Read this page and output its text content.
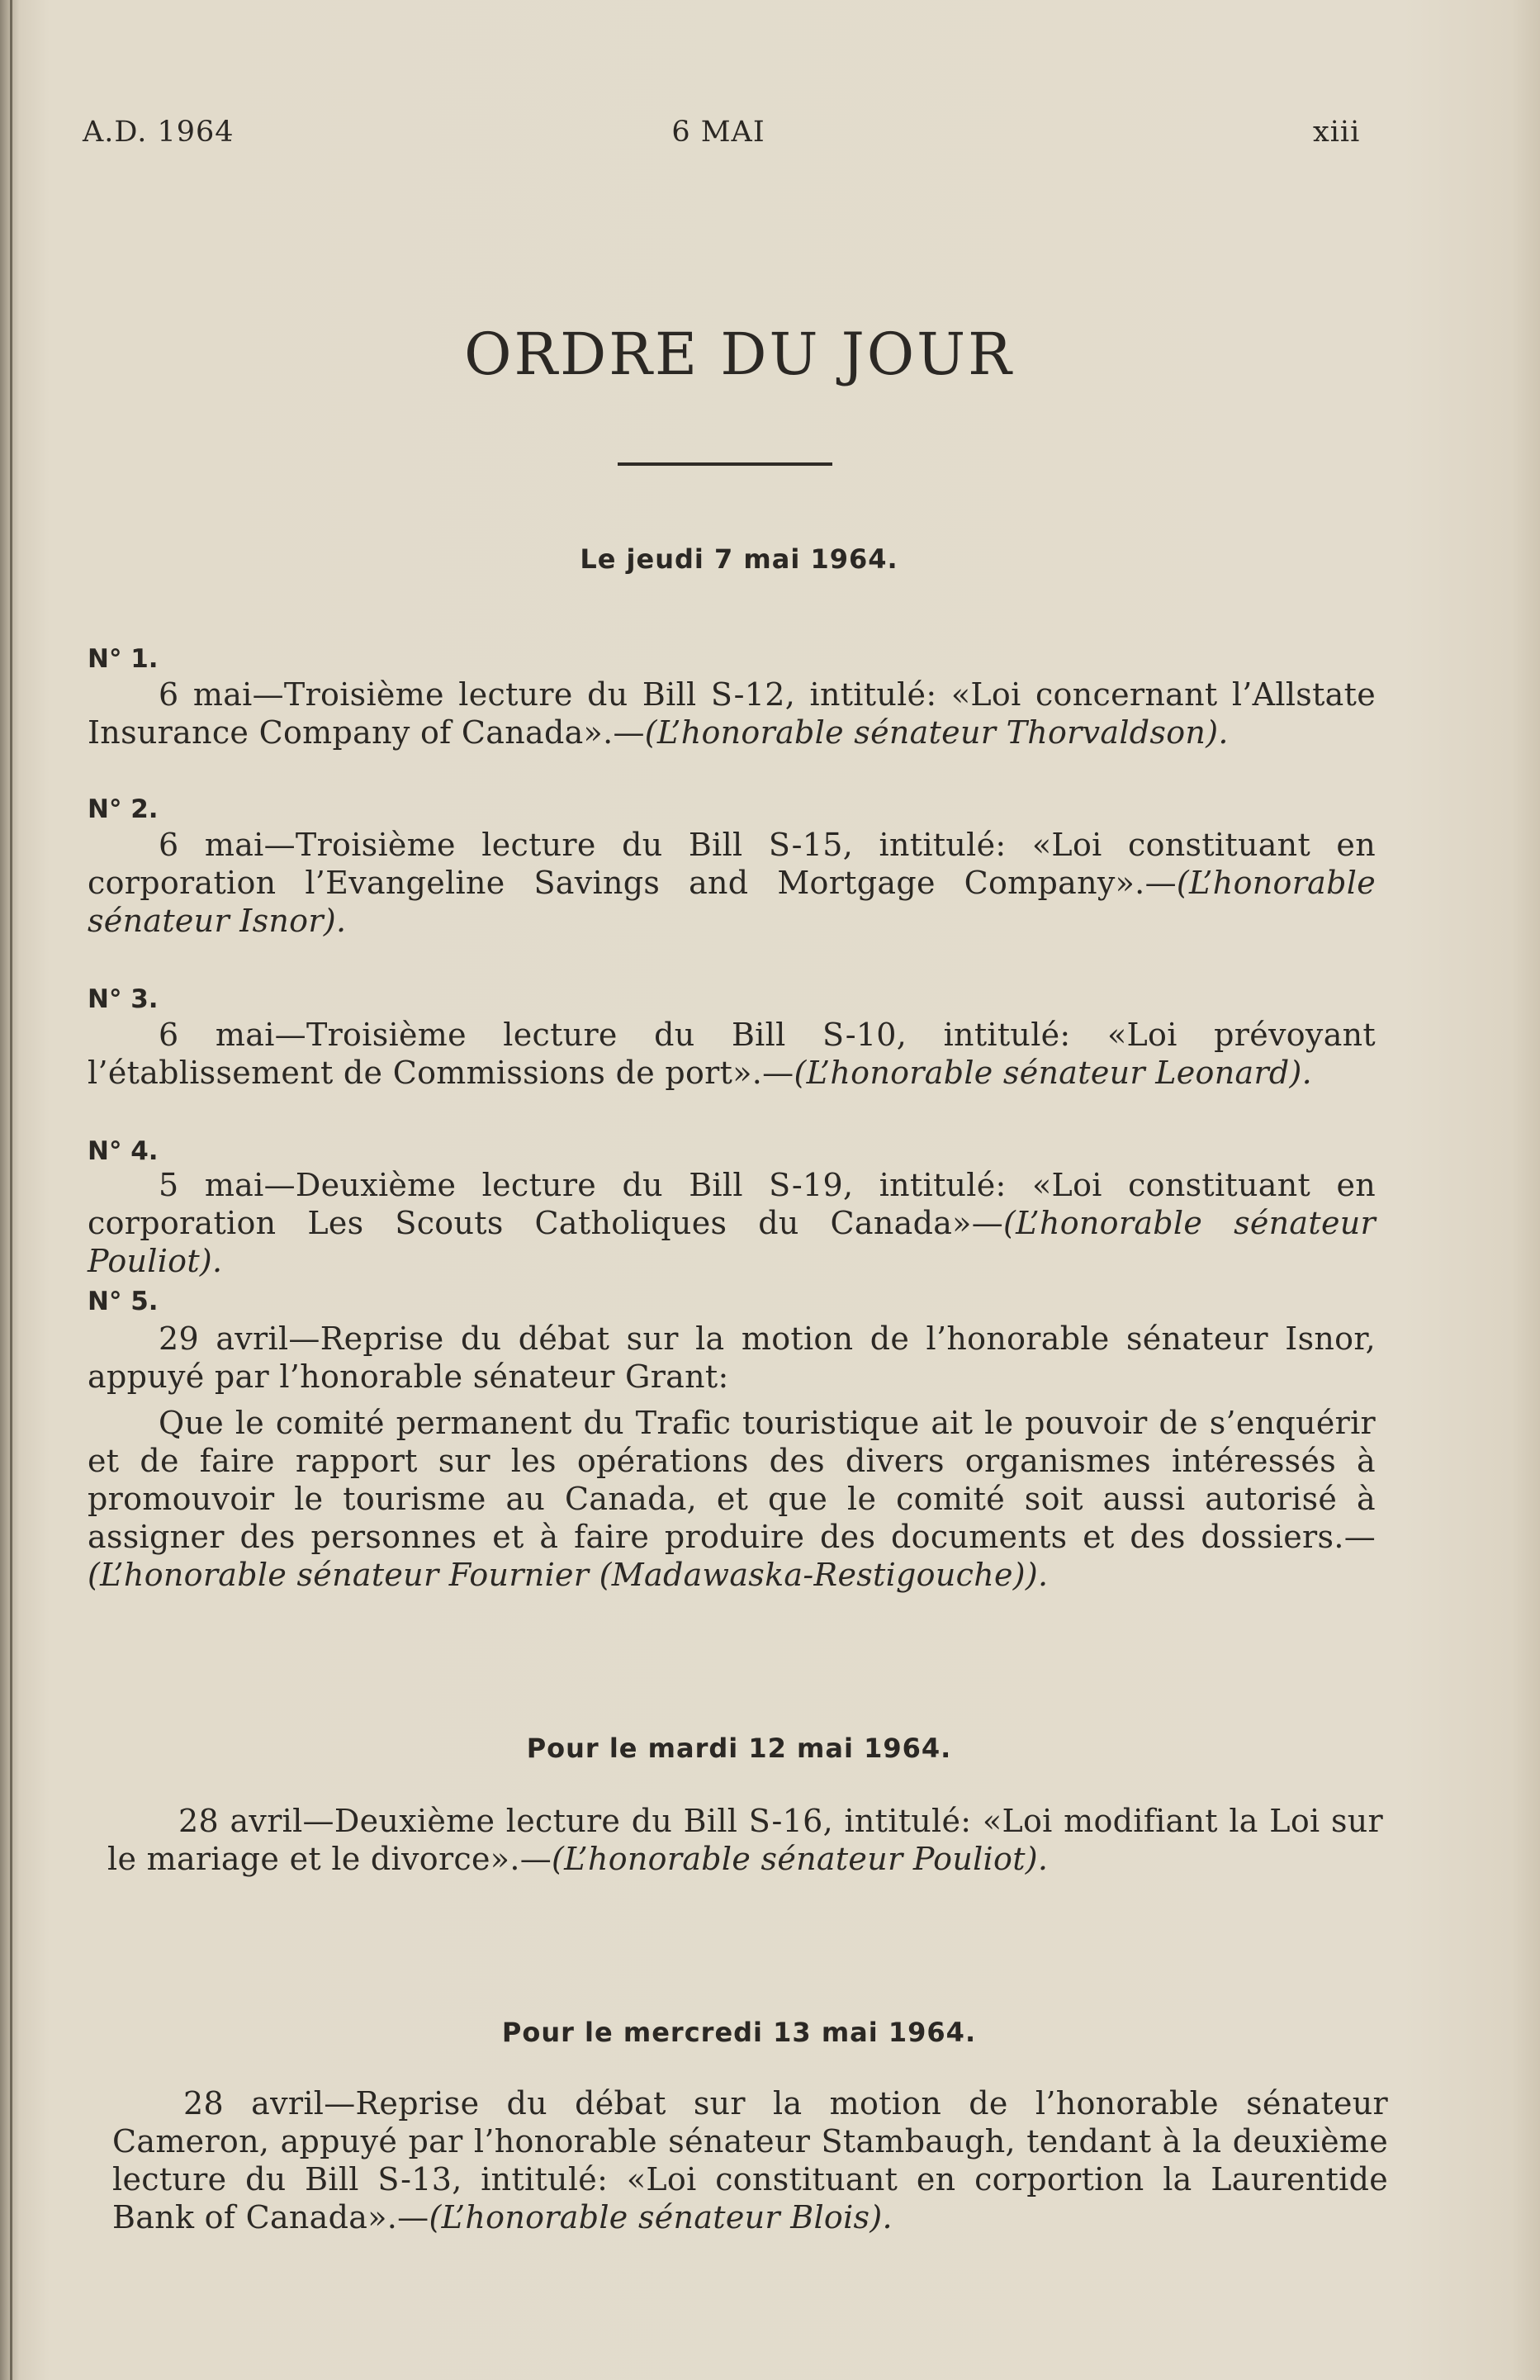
A.D. 1964	6 MAI	xiii
ORDRE DU JOUR
Le jeudi 7 mai 1964.
N° 1.
6 mai—Troisième lecture du Bill S-12, intitulé: «Loi concernant l’Allstate Insurance Company of Canada».—(L’honorable sénateur Thorvaldson).
N° 2.
6 mai—Troisième lecture du Bill S-15, intitulé: «Loi constituant en corporation l’Evangeline Savings and Mortgage Company».—(L’honorable sénateur Isnor).
N° 3.
6 mai—Troisième lecture du Bill S-10, intitulé: «Loi prévoyant l’établissement de Commissions de port».—(L’honorable sénateur Leonard).
N° 4.
5 mai—Deuxième lecture du Bill S-19, intitulé: «Loi constituant en corporation Les Scouts Catholiques du Canada»—(L’honorable sénateur Pouliot).
N° 5.
29 avril—Reprise du débat sur la motion de l’honorable sénateur Isnor, appuyé par l’honorable sénateur Grant:
Que le comité permanent du Trafic touristique ait le pouvoir de s’enquérir et de faire rapport sur les opérations des divers organismes intéressés à promouvoir le tourisme au Canada, et que le comité soit aussi autorisé à assigner des personnes et à faire produire des documents et des dossiers.—(L’honorable sénateur Fournier (Madawaska-Restigouche)).
Pour le mardi 12 mai 1964.
28 avril—Deuxième lecture du Bill S-16, intitulé: «Loi modifiant la Loi sur le mariage et le divorce».—(L’honorable sénateur Pouliot).
Pour le mercredi 13 mai 1964.
28 avril—Reprise du débat sur la motion de l’honorable sénateur Cameron, appuyé par l’honorable sénateur Stambaugh, tendant à la deuxième lecture du Bill S-13, intitulé: «Loi constituant en corportion la Laurentide Bank of Canada».—(L’honorable sénateur Blois).
